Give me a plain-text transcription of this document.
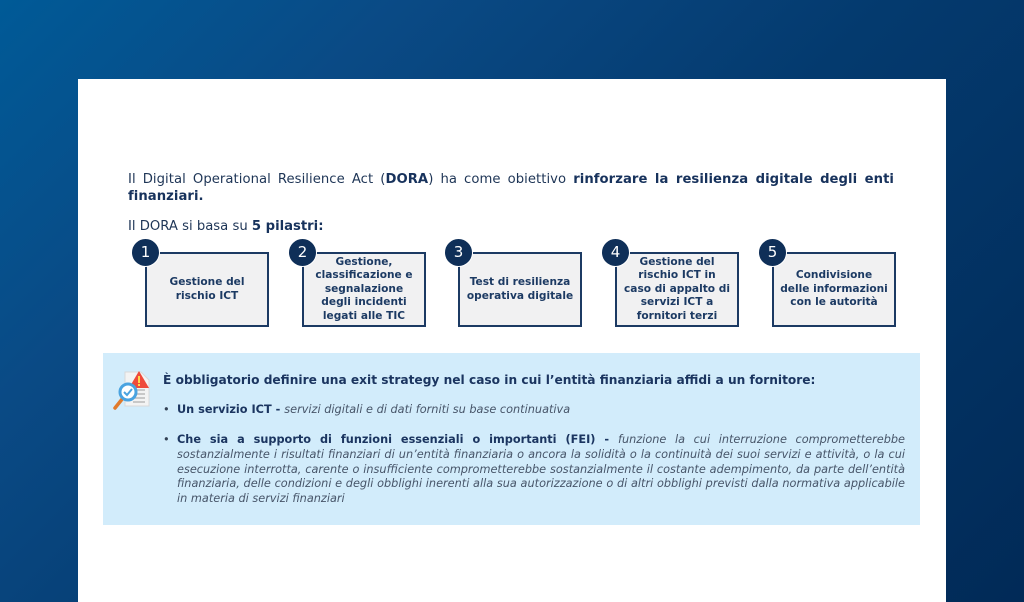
Il Digital Operational Resilience Act (DORA) ha come obiettivo rinforzare la resilienza digitale degli enti finanziari.

Il DORA si basa su 5 pilastri:
1
Gestione del rischio ICT
2
Gestione, classificazione e segnalazione degli incidenti legati alle TIC
3
Test di resilienza operativa digitale
4
Gestione del rischio ICT in caso di appalto di servizi ICT a fornitori terzi
5
Condivisione delle informazioni con le autorità
È obbligatorio definire una exit strategy nel caso in cui l’entità finanziaria affidi a un fornitore:
• Un servizio ICT - servizi digitali e di dati forniti su base continuativa
• Che sia a supporto di funzioni essenziali o importanti (FEI) - funzione la cui interruzione comprometterebbe sostanzialmente i risultati finanziari di un’entità finanziaria o ancora la solidità o la continuità dei suoi servizi e attività, o la cui esecuzione interrotta, carente o insufficiente comprometterebbe sostanzialmente il costante adempimento, da parte dell’entità finanziaria, delle condizioni e degli obblighi inerenti alla sua autorizzazione o di altri obblighi previsti dalla normativa applicabile in materia di servizi finanziari
